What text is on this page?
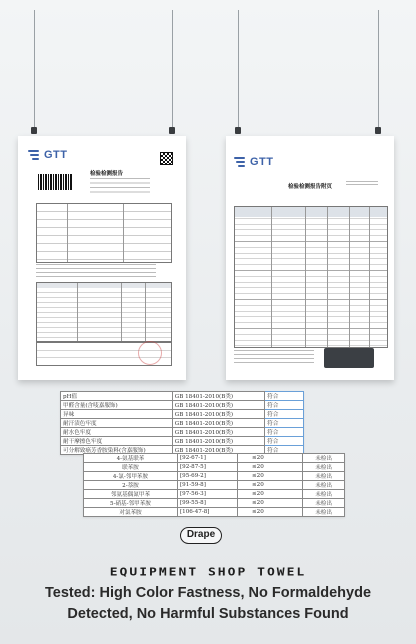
GTT
检验检测报告
GTT
检验检测报告附页
pH值	GB 18401-2010(B类)	符合
甲醛含量(含唛嘉服饰)	GB 18401-2010(B类)	符合
异味	GB 18401-2010(B类)	符合
耐汗渍色牢度	GB 18401-2010(B类)	符合
耐水色牢度	GB 18401-2010(B类)	符合
耐干摩擦色牢度	GB 18401-2010(B类)	符合
可分解致癌芳香胺染料(含嘉服饰)	GB 18401-2010(B类)	符合
4-氨基联苯	[92-67-1]	≤20	未检出
联苯胺	[92-87-5]	≤20	未检出
4-氯-邻甲苯胺	[95-69-2]	≤20	未检出
2-萘胺	[91-59-8]	≤20	未检出
邻氨基偶氮甲苯	[97-56-3]	≤20	未检出
5-硝基-邻甲苯胺	[99-55-8]	≤20	未检出
对氯苯胺	[106-47-8]	≤20	未检出
Drape
EQUIPMENT SHOP TOWEL
Tested: High Color Fastness, No Formaldehyde
Detected, No Harmful Substances Found
